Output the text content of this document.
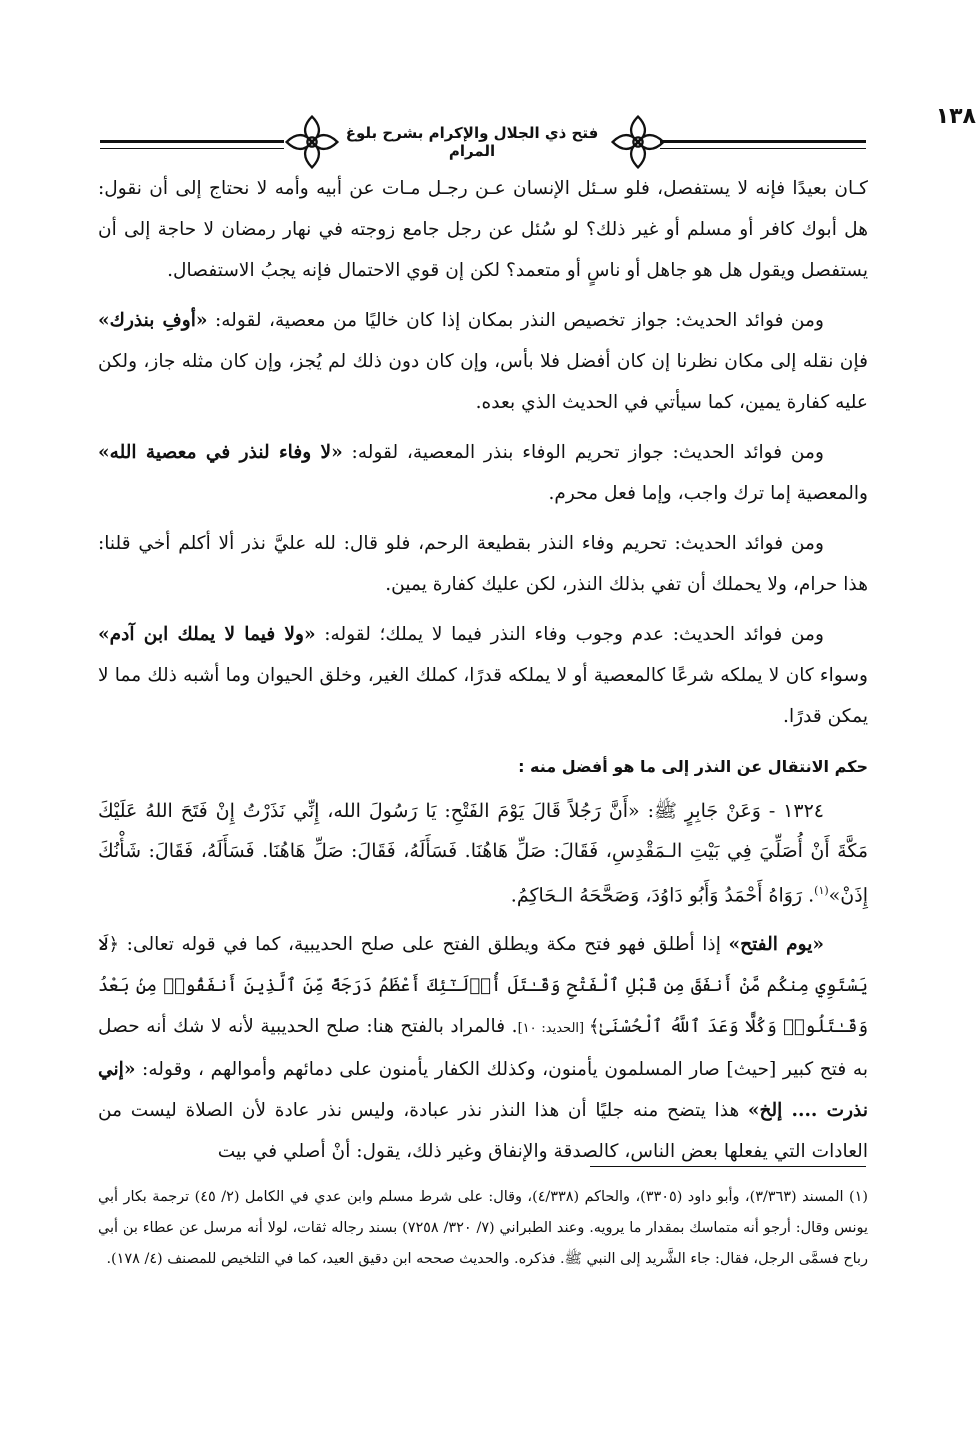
١٣٨
فتح ذي الجلال والإكرام بشرح بلوغ المرام

كـان بعيدًا فإنه لا يستفصل، فلو سـئل الإنسان عـن رجـل مـات عن أبيه وأمه لا نحتاج إلى أن نقول: هل أبوك كافر أو مسلم أو غير ذلك؟ لو سُئل عن رجل جامع زوجته في نهار رمضان لا حاجة إلى أن يستفصل ويقول هل هو جاهل أو ناسٍ أو متعمد؟ لكن إن قوي الاحتمال فإنه يجبُ الاستفصال.

ومن فوائد الحديث: جواز تخصيص النذر بمكان إذا كان خاليًا من معصية، لقوله: «أوفِ بنذرك» فإن نقله إلى مكان نظرنا إن كان أفضل فلا بأس، وإن كان دون ذلك لم يُجز، وإن كان مثله جاز، ولكن عليه كفارة يمين، كما سيأتي في الحديث الذي بعده.

ومن فوائد الحديث: جواز تحريم الوفاء بنذر المعصية، لقوله: «لا وفاء لنذر في معصية الله» والمعصية إما ترك واجب، وإما فعل محرم.

ومن فوائد الحديث: تحريم وفاء النذر بقطيعة الرحم، فلو قال: لله عليَّ نذر ألا أكلم أخي قلنا: هذا حرام، ولا يحملك أن تفي بذلك النذر، لكن عليك كفارة يمين.

ومن فوائد الحديث: عدم وجوب وفاء النذر فيما لا يملك؛ لقوله: «ولا فيما لا يملك ابن آدم» وسواء كان لا يملكه شرعًا كالمعصية أو لا يملكه قدرًا، كملك الغير، وخلق الحيوان وما أشبه ذلك مما لا يمكن قدرًا.

حكم الانتقال عن النذر إلى ما هو أفضل منه :

١٣٢٤ - وَعَنْ جَابِرٍ ﷺ: «أَنَّ رَجُلاً قَالَ يَوْمَ الفَتْحِ: يَا رَسُولَ الله، إِنِّي نَذَرْتُ إِنْ فَتَحَ اللهُ عَلَيْكَ مَكَّةَ أَنْ أُصَلِّيَ فِي بَيْتِ الـمَقْدِسِ، فَقَالَ: صَلِّ هَاهُنَا. فَسَأَلَهُ، فَقَالَ: صَلِّ هَاهُنَا. فَسَأَلَهُ، فَقَالَ: شَأْنُكَ إِذَنْ»$^{(١)}$. رَوَاهُ أَحْمَدُ وَأَبُو دَاوُدَ، وَصَحَّحَهُ الـحَاكِمُ.

«يوم الفتح» إذا أطلق فهو فتح مكة ويطلق الفتح على صلح الحديبية، كما في قوله تعالى: ﴿لَا يَسْتَوِي مِنكُم مَّنْ أَنفَقَ مِن قَبْلِ ٱلْفَتْحِ وَقَـٰتَلَ أُو۟لَـٰٓئِكَ أَعْظَمُ دَرَجَةً مِّنَ ٱلَّذِينَ أَنفَقُوا۟ مِنۢ بَعْدُ وَقَـٰتَلُوا۟ وَكُلًّا وَعَدَ ٱللَّهُ ٱلْحُسْنَىٰ﴾ [الحديد: ١٠]. فالمراد بالفتح هنا: صلح الحديبية لأنه لا شك أنه حصل به فتح كبير [حيث] صار المسلمون يأمنون، وكذلك الكفار يأمنون على دمائهم وأموالهم ، وقوله: «إني نذرت .... إلخ» هذا يتضح منه جليًا أن هذا النذر نذر عبادة، وليس نذر عادة لأن الصلاة ليست من العادات التي يفعلها بعض الناس، كالصدقة والإنفاق وغير ذلك، يقول: أنْ أصلي في بيت

(١) المسند (٣/٣٦٣)، وأبو داود (٣٣٠٥)، والحاكم (٤/٣٣٨)، وقال: على شرط مسلم وابن عدي في الكامل (٢/ ٤٥) ترجمة بكار أبي يونس وقال: أرجو أنه متماسك بمقدار ما يرويه. وعند الطبراني (٧/ ٣٢٠/ ٧٢٥٨) بسند رجاله ثقات، لولا أنه مرسل عن عطاء بن أبي رباح فسمَّى الرجل، فقال: جاء الشَّريد إلى النبي ﷺ. فذكره. والحديث صححه ابن دقيق العيد، كما في التلخيص للمصنف (٤/ ١٧٨).
